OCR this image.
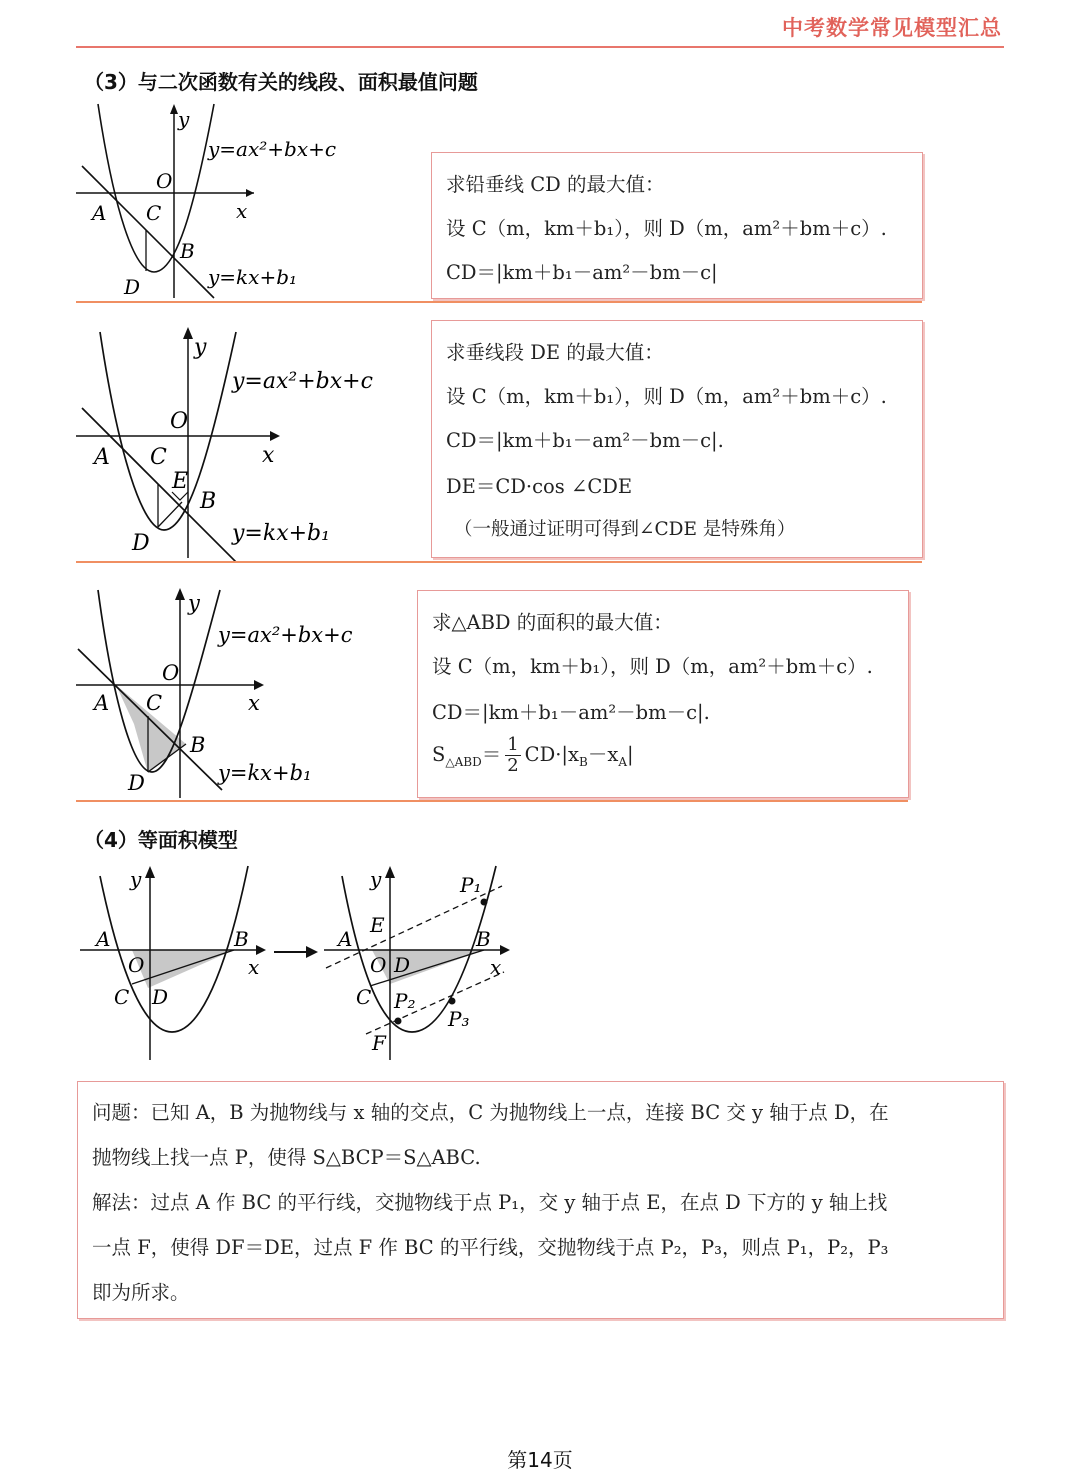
中考数学常见模型汇总
（3）与二次函数有关的线段、面积最值问题
y
O
x
A C
B
D
y=ax²+bx+c
y=kx+b₁
求铅垂线 CD 的最大值：
设 C（m，km＋b₁），则 D（m，am²＋bm＋c）.
CD＝|km＋b₁－am²－bm－c|
y
O
x
A C
E
B
D
y=ax²+bx+c
y=kx+b₁
求垂线段 DE 的最大值：
设 C（m，km＋b₁），则 D（m，am²＋bm＋c）.
CD＝|km＋b₁－am²－bm－c|.
DE＝CD·cos ∠CDE
（一般通过证明可得到∠CDE 是特殊角）
y
O
x
A C
B
D
y=ax²+bx+c
y=kx+b₁
求△ABD 的面积的最大值：
设 C（m，km＋b₁），则 D（m，am²＋bm＋c）.
CD＝|km＋b₁－am²－bm－c|.
$S_{\triangle ABD}= \frac{1}{2} CD\cdot|x_B-x_A|$
（4）等面积模型
y
A	B
O	x
C D
y	P₁
E
A	B
O D	x
C P₂
P₃
F
问题：已知 A，B 为抛物线与 x 轴的交点，C 为抛物线上一点，连接 BC 交 y 轴于点 D，在
抛物线上找一点 P，使得 S△BCP＝S△ABC.
解法：过点 A 作 BC 的平行线，交抛物线于点 P₁，交 y 轴于点 E，在点 D 下方的 y 轴上找
一点 F，使得 DF＝DE，过点 F 作 BC 的平行线，交抛物线于点 P₂，P₃，则点 P₁，P₂，P₃
即为所求。
第14页
